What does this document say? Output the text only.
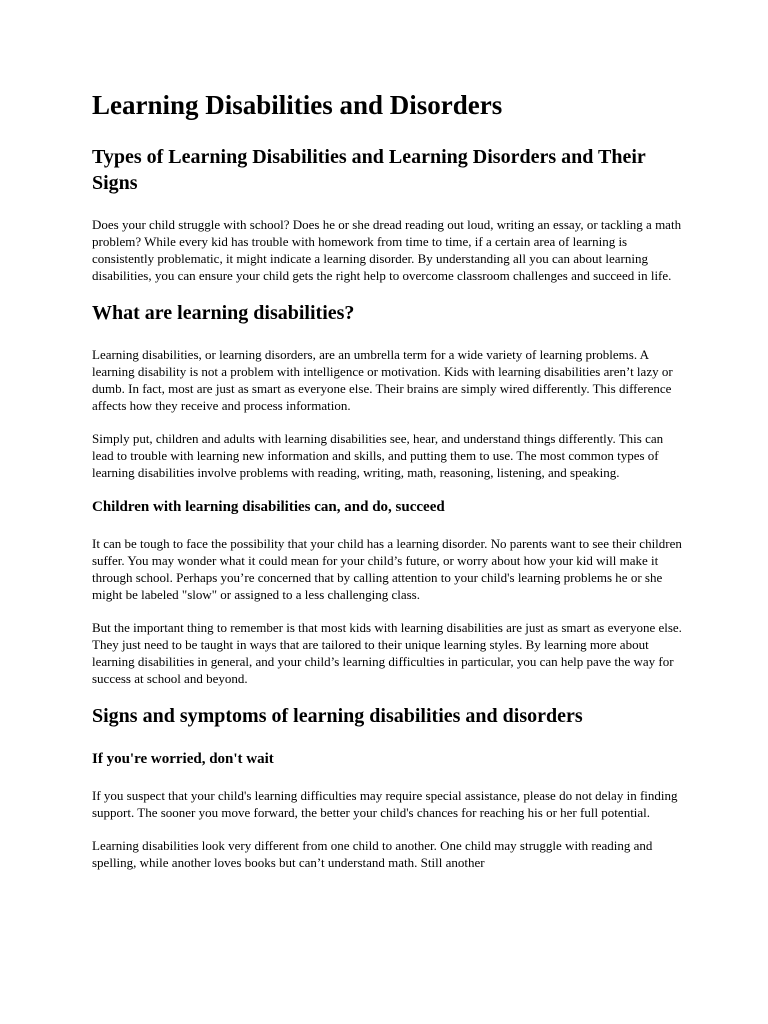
Learning Disabilities and Disorders
Types of Learning Disabilities and Learning Disorders and Their Signs

Does your child struggle with school? Does he or she dread reading out loud, writing an essay, or tackling a math problem? While every kid has trouble with homework from time to time, if a certain area of learning is consistently problematic, it might indicate a learning disorder. By understanding all you can about learning disabilities, you can ensure your child gets the right help to overcome classroom challenges and succeed in life.

What are learning disabilities?

Learning disabilities, or learning disorders, are an umbrella term for a wide variety of learning problems. A learning disability is not a problem with intelligence or motivation. Kids with learning disabilities aren’t lazy or dumb. In fact, most are just as smart as everyone else. Their brains are simply wired differently. This difference affects how they receive and process information.

Simply put, children and adults with learning disabilities see, hear, and understand things differently. This can lead to trouble with learning new information and skills, and putting them to use. The most common types of learning disabilities involve problems with reading, writing, math, reasoning, listening, and speaking.

Children with learning disabilities can, and do, succeed

It can be tough to face the possibility that your child has a learning disorder. No parents want to see their children suffer. You may wonder what it could mean for your child’s future, or worry about how your kid will make it through school. Perhaps you’re concerned that by calling attention to your child's learning problems he or she might be labeled "slow" or assigned to a less challenging class.

But the important thing to remember is that most kids with learning disabilities are just as smart as everyone else. They just need to be taught in ways that are tailored to their unique learning styles. By learning more about learning disabilities in general, and your child’s learning difficulties in particular, you can help pave the way for success at school and beyond.

Signs and symptoms of learning disabilities and disorders
If you're worried, don't wait

If you suspect that your child's learning difficulties may require special assistance, please do not delay in finding support. The sooner you move forward, the better your child's chances for reaching his or her full potential.

Learning disabilities look very different from one child to another. One child may struggle with reading and spelling, while another loves books but can’t understand math. Still another
